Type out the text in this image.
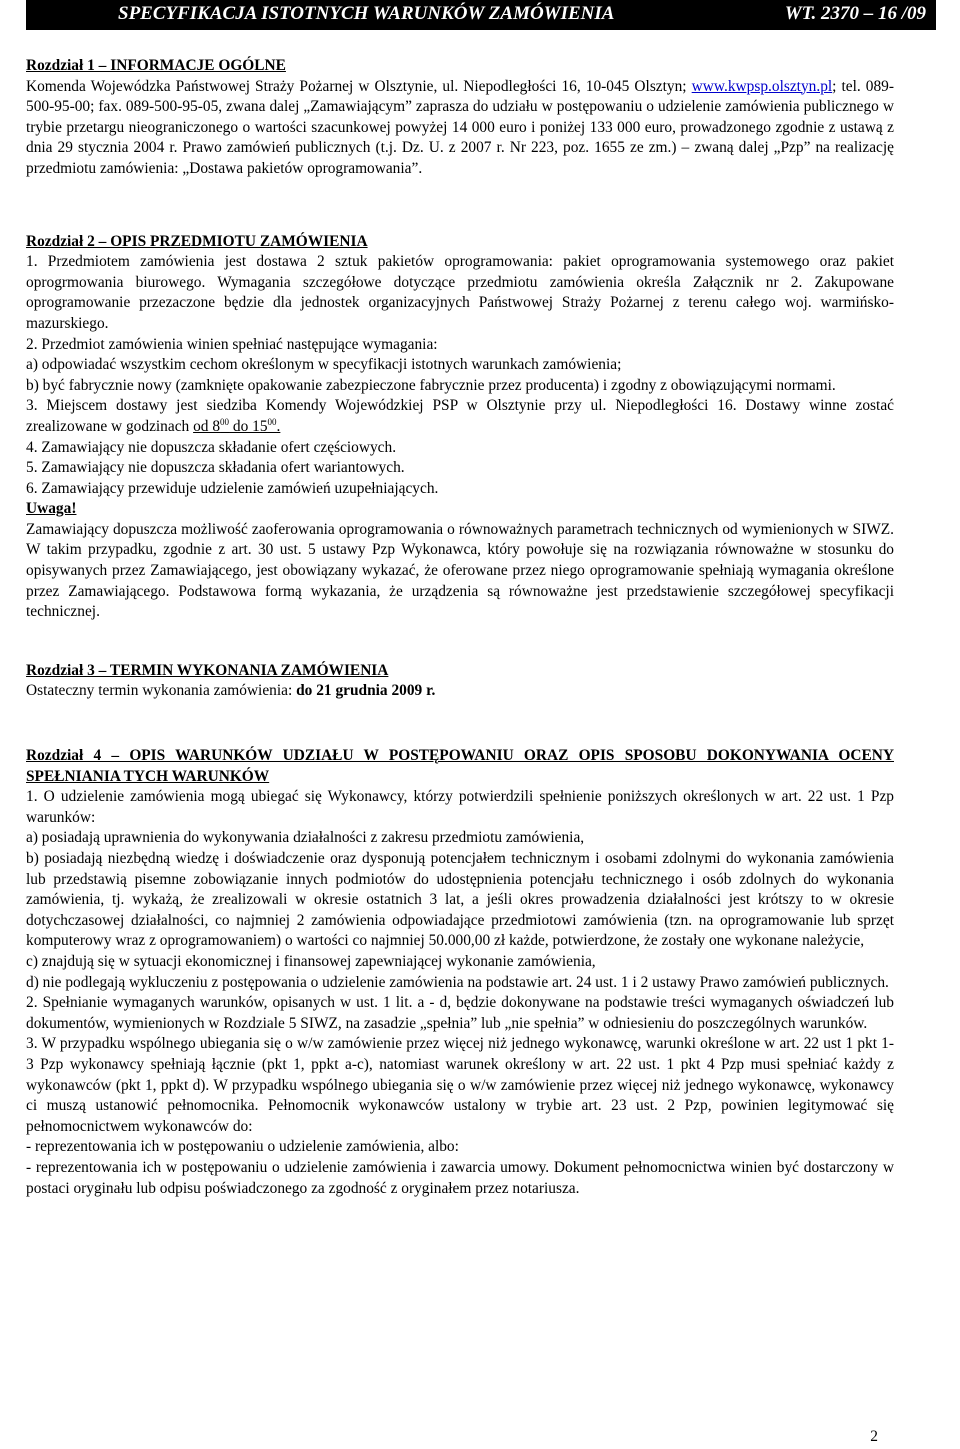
SPECYFIKACJA ISTOTNYCH WARUNKÓW ZAMÓWIENIA	WT. 2370 – 16 /09

Rozdział 1 – INFORMACJE OGÓLNE

Komenda Wojewódzka Państwowej Straży Pożarnej w Olsztynie, ul. Niepodległości 16, 10-045 Olsztyn; www.kwpsp.olsztyn.pl; tel. 089-500-95-00; fax. 089-500-95-05, zwana dalej „Zamawiającym” zaprasza do udziału w postępowaniu o udzielenie zamówienia publicznego w trybie przetargu nieograniczonego o wartości szacunkowej powyżej 14 000 euro i poniżej 133 000 euro, prowadzonego zgodnie z ustawą z dnia 29 stycznia 2004 r. Prawo zamówień publicznych (t.j. Dz. U. z 2007 r. Nr 223, poz. 1655 ze zm.) – zwaną dalej „Pzp” na realizację przedmiotu zamówienia: „Dostawa pakietów oprogramowania”.

Rozdział 2 – OPIS PRZEDMIOTU ZAMÓWIENIA

1. Przedmiotem zamówienia jest dostawa 2 sztuk pakietów oprogramowania: pakiet oprogramowania systemowego oraz pakiet oprogrmowania biurowego. Wymagania szczegółowe dotyczące przedmiotu zamówienia określa Załącznik nr 2. Zakupowane oprogramowanie przezaczone będzie dla jednostek organizacyjnych Państwowej Straży Pożarnej z terenu całego woj. warmińsko-mazurskiego.

2. Przedmiot zamówienia winien spełniać następujące wymagania:

a) odpowiadać wszystkim cechom określonym w specyfikacji istotnych warunkach zamówienia;

b) być fabrycznie nowy (zamknięte opakowanie zabezpieczone fabrycznie przez producenta) i zgodny z obowiązującymi normami.

3. Miejscem dostawy jest siedziba Komendy Wojewódzkiej PSP w Olsztynie przy ul. Niepodległości 16. Dostawy winne zostać zrealizowane w godzinach od $8^{00}$ do $15^{00}$.

4. Zamawiający nie dopuszcza składanie ofert częściowych.

5. Zamawiający nie dopuszcza składania ofert wariantowych.

6. Zamawiający przewiduje udzielenie zamówień uzupełniających.

Uwaga!

Zamawiający dopuszcza możliwość zaoferowania oprogramowania o równoważnych parametrach technicznych od wymienionych w SIWZ. W takim przypadku, zgodnie z art. 30 ust. 5 ustawy Pzp Wykonawca, który powołuje się na rozwiązania równoważne w stosunku do opisywanych przez Zamawiającego, jest obowiązany wykazać, że oferowane przez niego oprogramowanie spełniają wymagania określone przez Zamawiającego. Podstawowa formą wykazania, że urządzenia są równoważne jest przedstawienie szczegółowej specyfikacji technicznej.

Rozdział 3 – TERMIN WYKONANIA ZAMÓWIENIA

Ostateczny termin wykonania zamówienia: do 21 grudnia 2009 r.

Rozdział 4 – OPIS WARUNKÓW UDZIAŁU W POSTĘPOWANIU ORAZ OPIS SPOSOBU DOKONYWANIA OCENY SPEŁNIANIA TYCH WARUNKÓW

1. O udzielenie zamówienia mogą ubiegać się Wykonawcy, którzy potwierdzili spełnienie poniższych określonych w art. 22 ust. 1 Pzp warunków:

a) posiadają uprawnienia do wykonywania działalności z zakresu przedmiotu zamówienia,

b) posiadają niezbędną wiedzę i doświadczenie oraz dysponują potencjałem technicznym i osobami zdolnymi do wykonania zamówienia lub przedstawią pisemne zobowiązanie innych podmiotów do udostępnienia potencjału technicznego i osób zdolnych do wykonania zamówienia, tj. wykażą, że zrealizowali w okresie ostatnich 3 lat, a jeśli okres prowadzenia działalności jest krótszy to w okresie dotychczasowej działalności, co najmniej 2 zamówienia odpowiadające przedmiotowi zamówienia (tzn. na oprogramowanie lub sprzęt komputerowy wraz z oprogramowaniem) o wartości co najmniej 50.000,00 zł każde, potwierdzone, że zostały one wykonane należycie,

c) znajdują się w sytuacji ekonomicznej i finansowej zapewniającej wykonanie zamówienia,

d) nie podlegają wykluczeniu z postępowania o udzielenie zamówienia na podstawie art. 24 ust. 1 i 2 ustawy Prawo zamówień publicznych.

2. Spełnianie wymaganych warunków, opisanych w ust. 1 lit. a - d, będzie dokonywane na podstawie treści wymaganych oświadczeń lub dokumentów, wymienionych w Rozdziale 5 SIWZ, na zasadzie „spełnia” lub „nie spełnia” w odniesieniu do poszczególnych warunków.

3. W przypadku wspólnego ubiegania się o w/w zamówienie przez więcej niż jednego wykonawcę, warunki określone w art. 22 ust 1 pkt 1-3 Pzp wykonawcy spełniają łącznie (pkt 1, ppkt a-c), natomiast warunek określony w art. 22 ust. 1 pkt 4 Pzp musi spełniać każdy z wykonawców (pkt 1, ppkt d). W przypadku wspólnego ubiegania się o w/w zamówienie przez więcej niż jednego wykonawcę, wykonawcy ci muszą ustanowić pełnomocnika. Pełnomocnik wykonawców ustalony w trybie art. 23 ust. 2 Pzp, powinien legitymować się pełnomocnictwem wykonawców do:

- reprezentowania ich w postępowaniu o udzielenie zamówienia, albo:

- reprezentowania ich w postępowaniu o udzielenie zamówienia i zawarcia umowy. Dokument pełnomocnictwa winien być dostarczony w postaci oryginału lub odpisu poświadczonego za zgodność z oryginałem przez notariusza.

2
